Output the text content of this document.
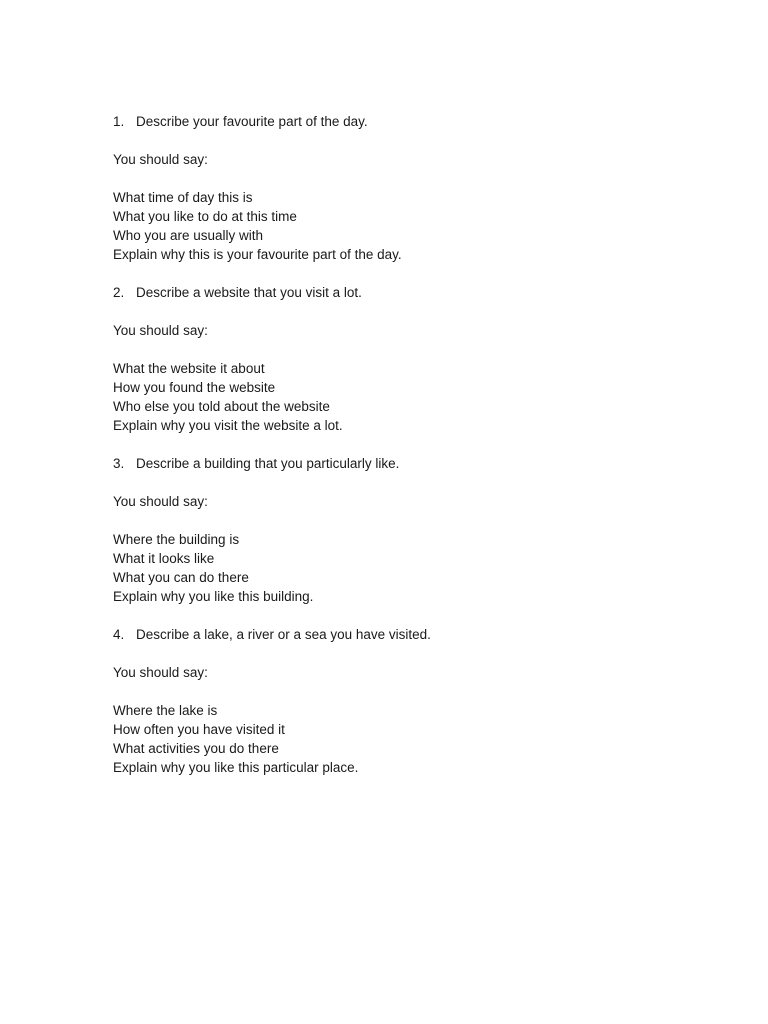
1. Describe your favourite part of the day.
You should say:
What time of day this is
What you like to do at this time
Who you are usually with
Explain why this is your favourite part of the day.
2. Describe a website that you visit a lot.
You should say:
What the website it about
How you found the website
Who else you told about the website
Explain why you visit the website a lot.
3. Describe a building that you particularly like.
You should say:
Where the building is
What it looks like
What you can do there
Explain why you like this building.
4. Describe a lake, a river or a sea you have visited.
You should say:
Where the lake is
How often you have visited it
What activities you do there
Explain why you like this particular place.
